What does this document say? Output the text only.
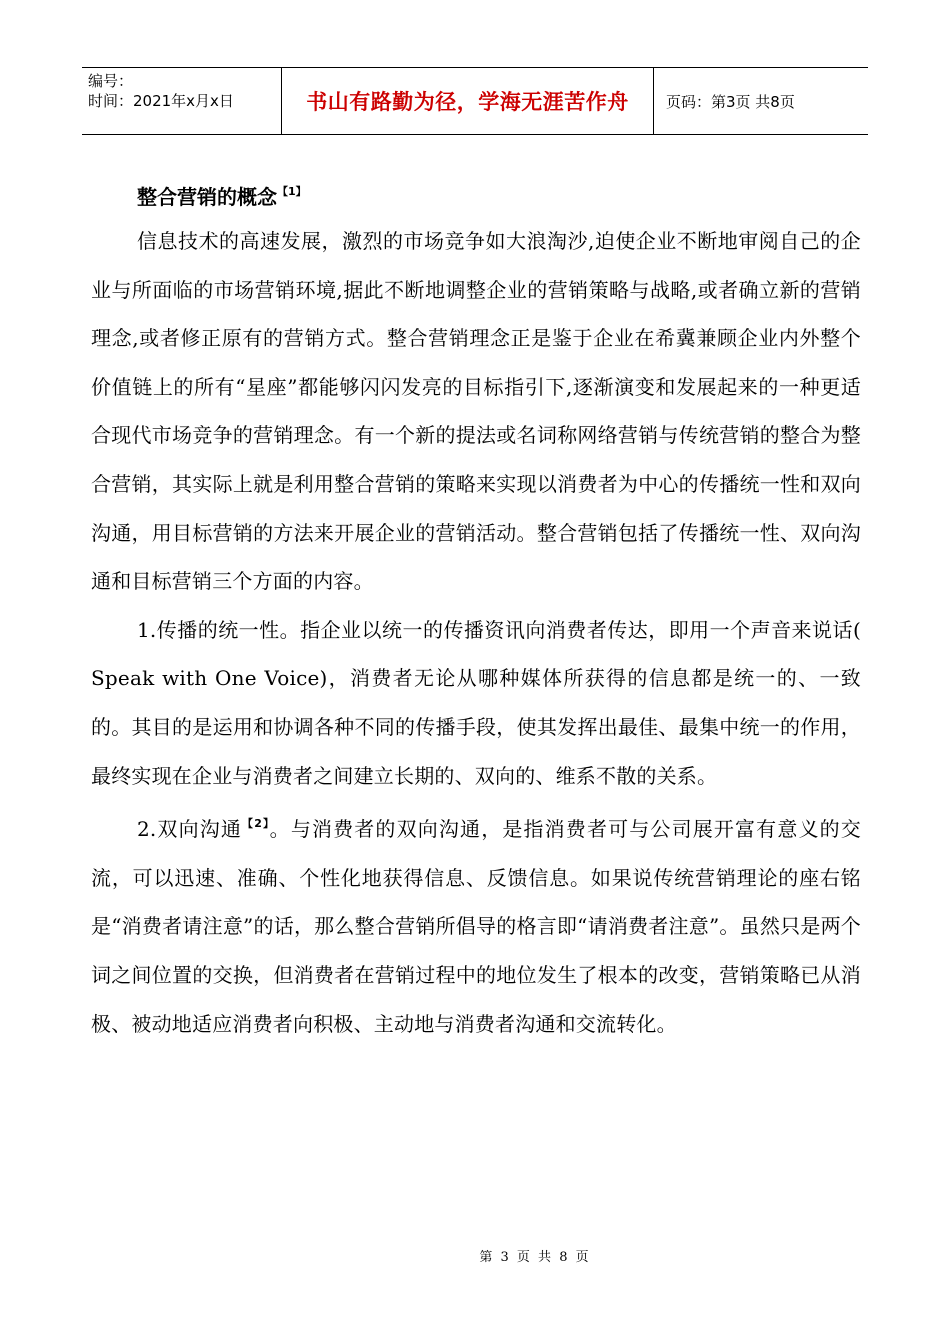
编号：
时间：2021年x月x日	书山有路勤为径，学海无涯苦作舟	页码：第3页 共8页
整合营销的概念$^{【1】}$

信息技术的高速发展，激烈的市场竞争如大浪淘沙,迫使企业不断地审阅自己的企业与所面临的市场营销环境,据此不断地调整企业的营销策略与战略,或者确立新的营销理念,或者修正原有的营销方式。整合营销理念正是鉴于企业在希冀兼顾企业内外整个价值链上的所有“星座”都能够闪闪发亮的目标指引下,逐渐演变和发展起来的一种更适合现代市场竞争的营销理念。有一个新的提法或名词称网络营销与传统营销的整合为整合营销，其实际上就是利用整合营销的策略来实现以消费者为中心的传播统一性和双向沟通，用目标营销的方法来开展企业的营销活动。整合营销包括了传播统一性、双向沟通和目标营销三个方面的内容。

1.传播的统一性。指企业以统一的传播资讯向消费者传达，即用一个声音来说话( Speak with One Voice)，消费者无论从哪种媒体所获得的信息都是统一的、一致的。其目的是运用和协调各种不同的传播手段，使其发挥出最佳、最集中统一的作用，最终实现在企业与消费者之间建立长期的、双向的、维系不散的关系。

2.双向沟通$^{【2】}$。与消费者的双向沟通，是指消费者可与公司展开富有意义的交流，可以迅速、准确、个性化地获得信息、反馈信息。如果说传统营销理论的座右铭是“消费者请注意”的话，那么整合营销所倡导的格言即“请消费者注意”。虽然只是两个词之间位置的交换，但消费者在营销过程中的地位发生了根本的改变，营销策略已从消极、被动地适应消费者向积极、主动地与消费者沟通和交流转化。

第 3 页 共 8 页
